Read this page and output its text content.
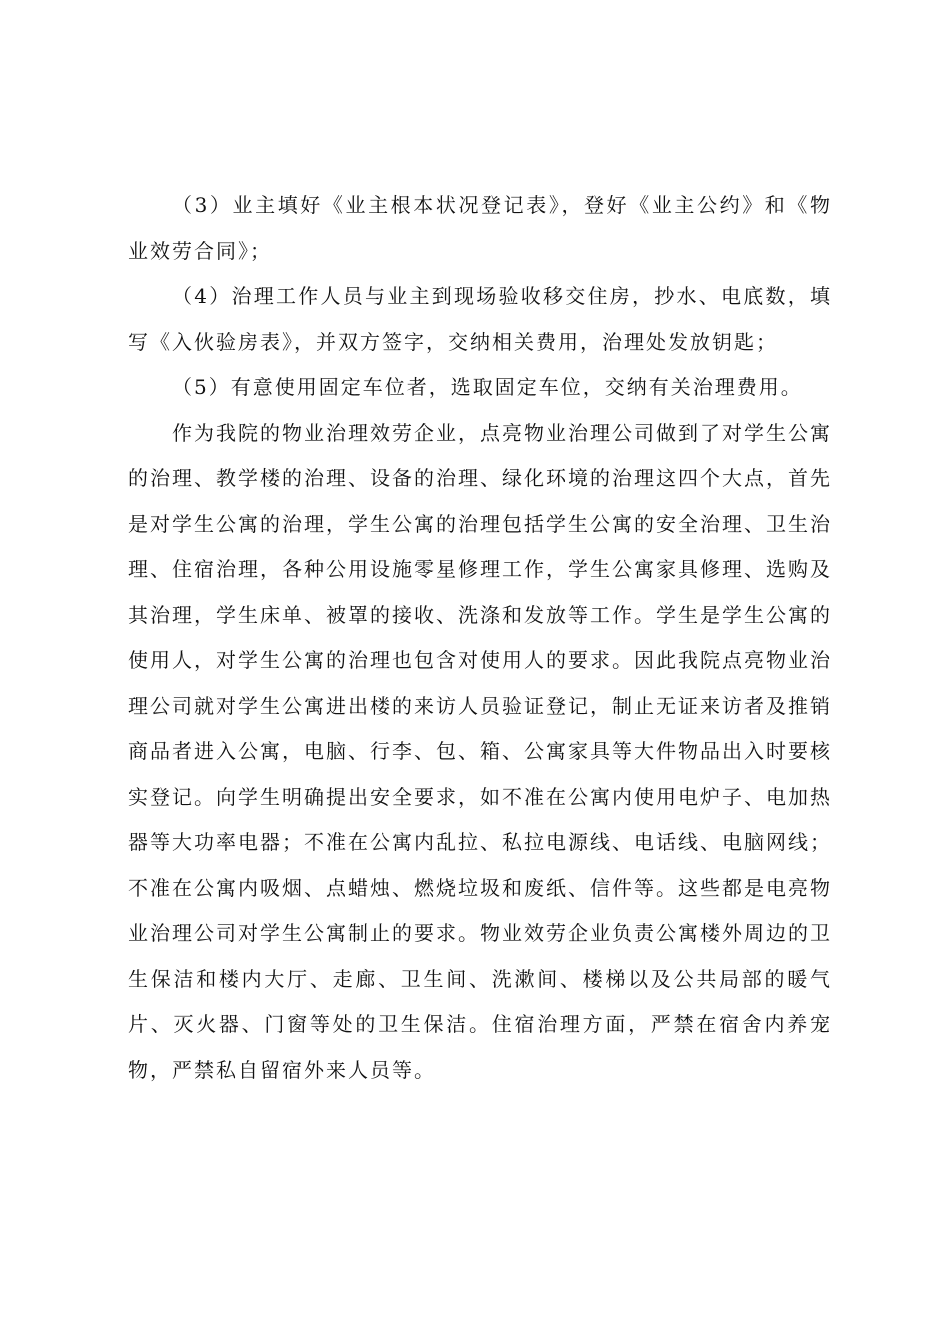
（3）业主填好《业主根本状况登记表》，登好《业主公约》和《物业效劳合同》；

（4）治理工作人员与业主到现场验收移交住房，抄水、电底数，填写《入伙验房表》，并双方签字，交纳相关费用，治理处发放钥匙；

（5）有意使用固定车位者，选取固定车位，交纳有关治理费用。

作为我院的物业治理效劳企业，点亮物业治理公司做到了对学生公寓的治理、教学楼的治理、设备的治理、绿化环境的治理这四个大点，首先是对学生公寓的治理，学生公寓的治理包括学生公寓的安全治理、卫生治理、住宿治理，各种公用设施零星修理工作，学生公寓家具修理、选购及其治理，学生床单、被罩的接收、洗涤和发放等工作。学生是学生公寓的使用人，对学生公寓的治理也包含对使用人的要求。因此我院点亮物业治理公司就对学生公寓进出楼的来访人员验证登记，制止无证来访者及推销商品者进入公寓，电脑、行李、包、箱、公寓家具等大件物品出入时要核实登记。向学生明确提出安全要求，如不准在公寓内使用电炉子、电加热器等大功率电器；不准在公寓内乱拉、私拉电源线、电话线、电脑网线；不准在公寓内吸烟、点蜡烛、燃烧垃圾和废纸、信件等。这些都是电亮物业治理公司对学生公寓制止的要求。物业效劳企业负责公寓楼外周边的卫生保洁和楼内大厅、走廊、卫生间、洗漱间、楼梯以及公共局部的暖气片、灭火器、门窗等处的卫生保洁。住宿治理方面，严禁在宿舍内养宠物，严禁私自留宿外来人员等。
